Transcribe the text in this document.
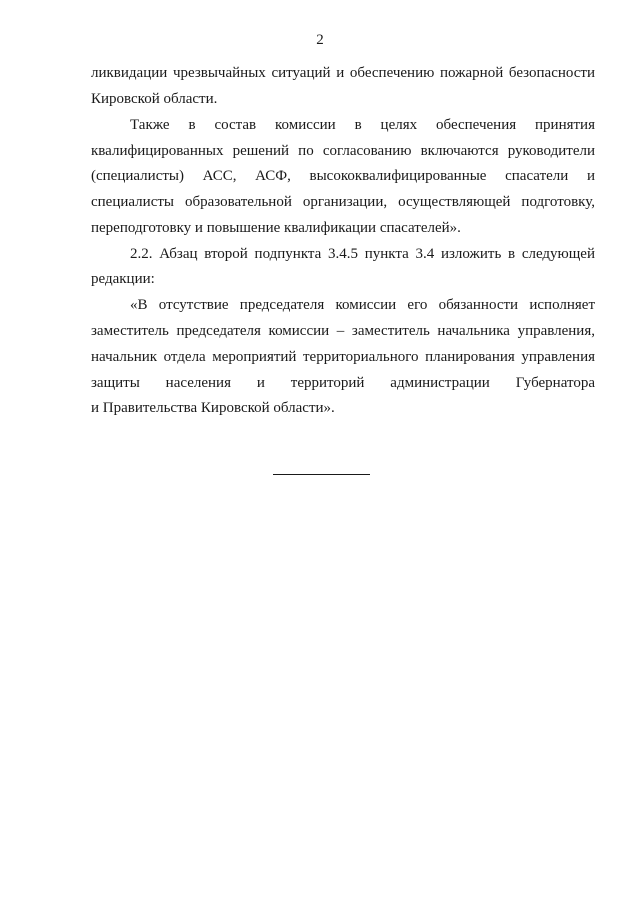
2
ликвидации чрезвычайных ситуаций и обеспечению пожарной безопасности
Кировской области.
Также в состав комиссии в целях обеспечения принятия
квалифицированных решений по согласованию включаются руководители
(специалисты) АСС, АСФ, высококвалифицированные спасатели и
специалисты образовательной организации, осуществляющей подготовку,
переподготовку и повышение квалификации спасателей».
2.2. Абзац второй подпункта 3.4.5 пункта 3.4 изложить в следующей
редакции:
«В отсутствие председателя комиссии его обязанности исполняет
заместитель председателя комиссии – заместитель начальника управления,
начальник отдела мероприятий территориального планирования управления
защиты населения и территорий администрации Губернатора
и Правительства Кировской области».
